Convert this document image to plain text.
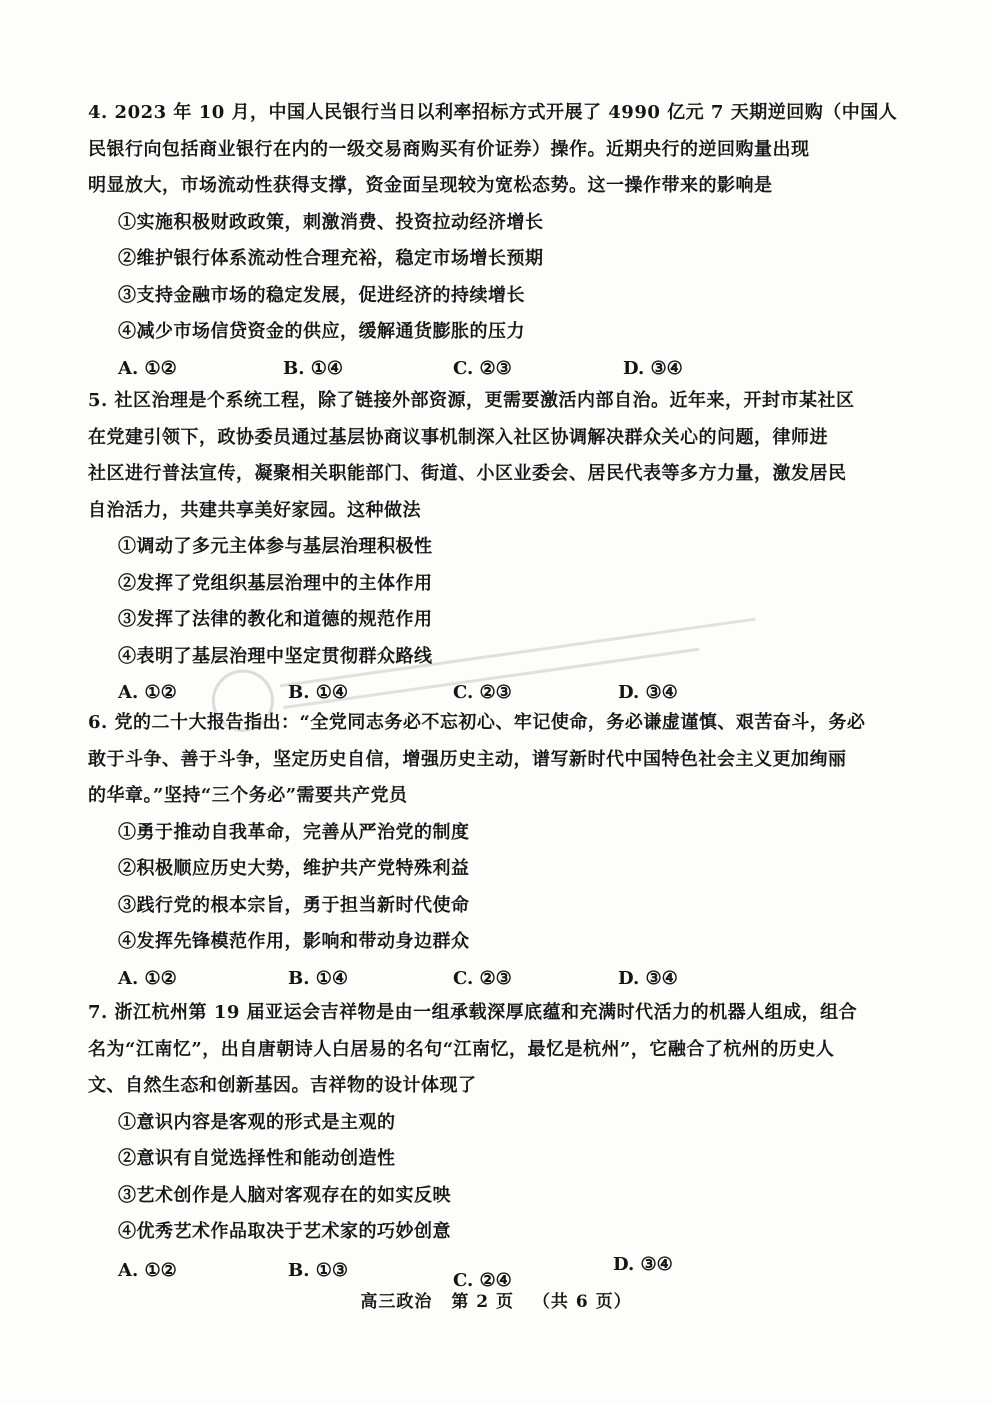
4. 2023 年 10 月，中国人民银行当日以利率招标方式开展了 4990 亿元 7 天期逆回购（中国人

民银行向包括商业银行在内的一级交易商购买有价证券）操作。近期央行的逆回购量出现

明显放大，市场流动性获得支撑，资金面呈现较为宽松态势。这一操作带来的影响是

①实施积极财政政策，刺激消费、投资拉动经济增长

②维护银行体系流动性合理充裕，稳定市场增长预期

③支持金融市场的稳定发展，促进经济的持续增长

④减少市场信贷资金的供应，缓解通货膨胀的压力

A. ①②	B. ①④	C. ②③	D. ③④

5. 社区治理是个系统工程，除了链接外部资源，更需要激活内部自治。近年来，开封市某社区

在党建引领下，政协委员通过基层协商议事机制深入社区协调解决群众关心的问题，律师进

社区进行普法宣传，凝聚相关职能部门、街道、小区业委会、居民代表等多方力量，激发居民

自治活力，共建共享美好家园。这种做法

①调动了多元主体参与基层治理积极性

②发挥了党组织基层治理中的主体作用

③发挥了法律的教化和道德的规范作用

④表明了基层治理中坚定贯彻群众路线

A. ①②	B. ①④	C. ②③	D. ③④

6. 党的二十大报告指出：“全党同志务必不忘初心、牢记使命，务必谦虚谨慎、艰苦奋斗，务必

敢于斗争、善于斗争，坚定历史自信，增强历史主动，谱写新时代中国特色社会主义更加绚丽

的华章。”坚持“三个务必”需要共产党员

①勇于推动自我革命，完善从严治党的制度

②积极顺应历史大势，维护共产党特殊利益

③践行党的根本宗旨，勇于担当新时代使命

④发挥先锋模范作用，影响和带动身边群众

A. ①②	B. ①④	C. ②③	D. ③④

7. 浙江杭州第 19 届亚运会吉祥物是由一组承载深厚底蕴和充满时代活力的机器人组成，组合

名为“江南忆”，出自唐朝诗人白居易的名句“江南忆，最忆是杭州”，它融合了杭州的历史人

文、自然生态和创新基因。吉祥物的设计体现了

①意识内容是客观的形式是主观的

②意识有自觉选择性和能动创造性

③艺术创作是人脑对客观存在的如实反映

④优秀艺术作品取决于艺术家的巧妙创意

A. ①②	B. ①③	C. ②④
D. ③④
高三政治 第 2 页 （共 6 页）
